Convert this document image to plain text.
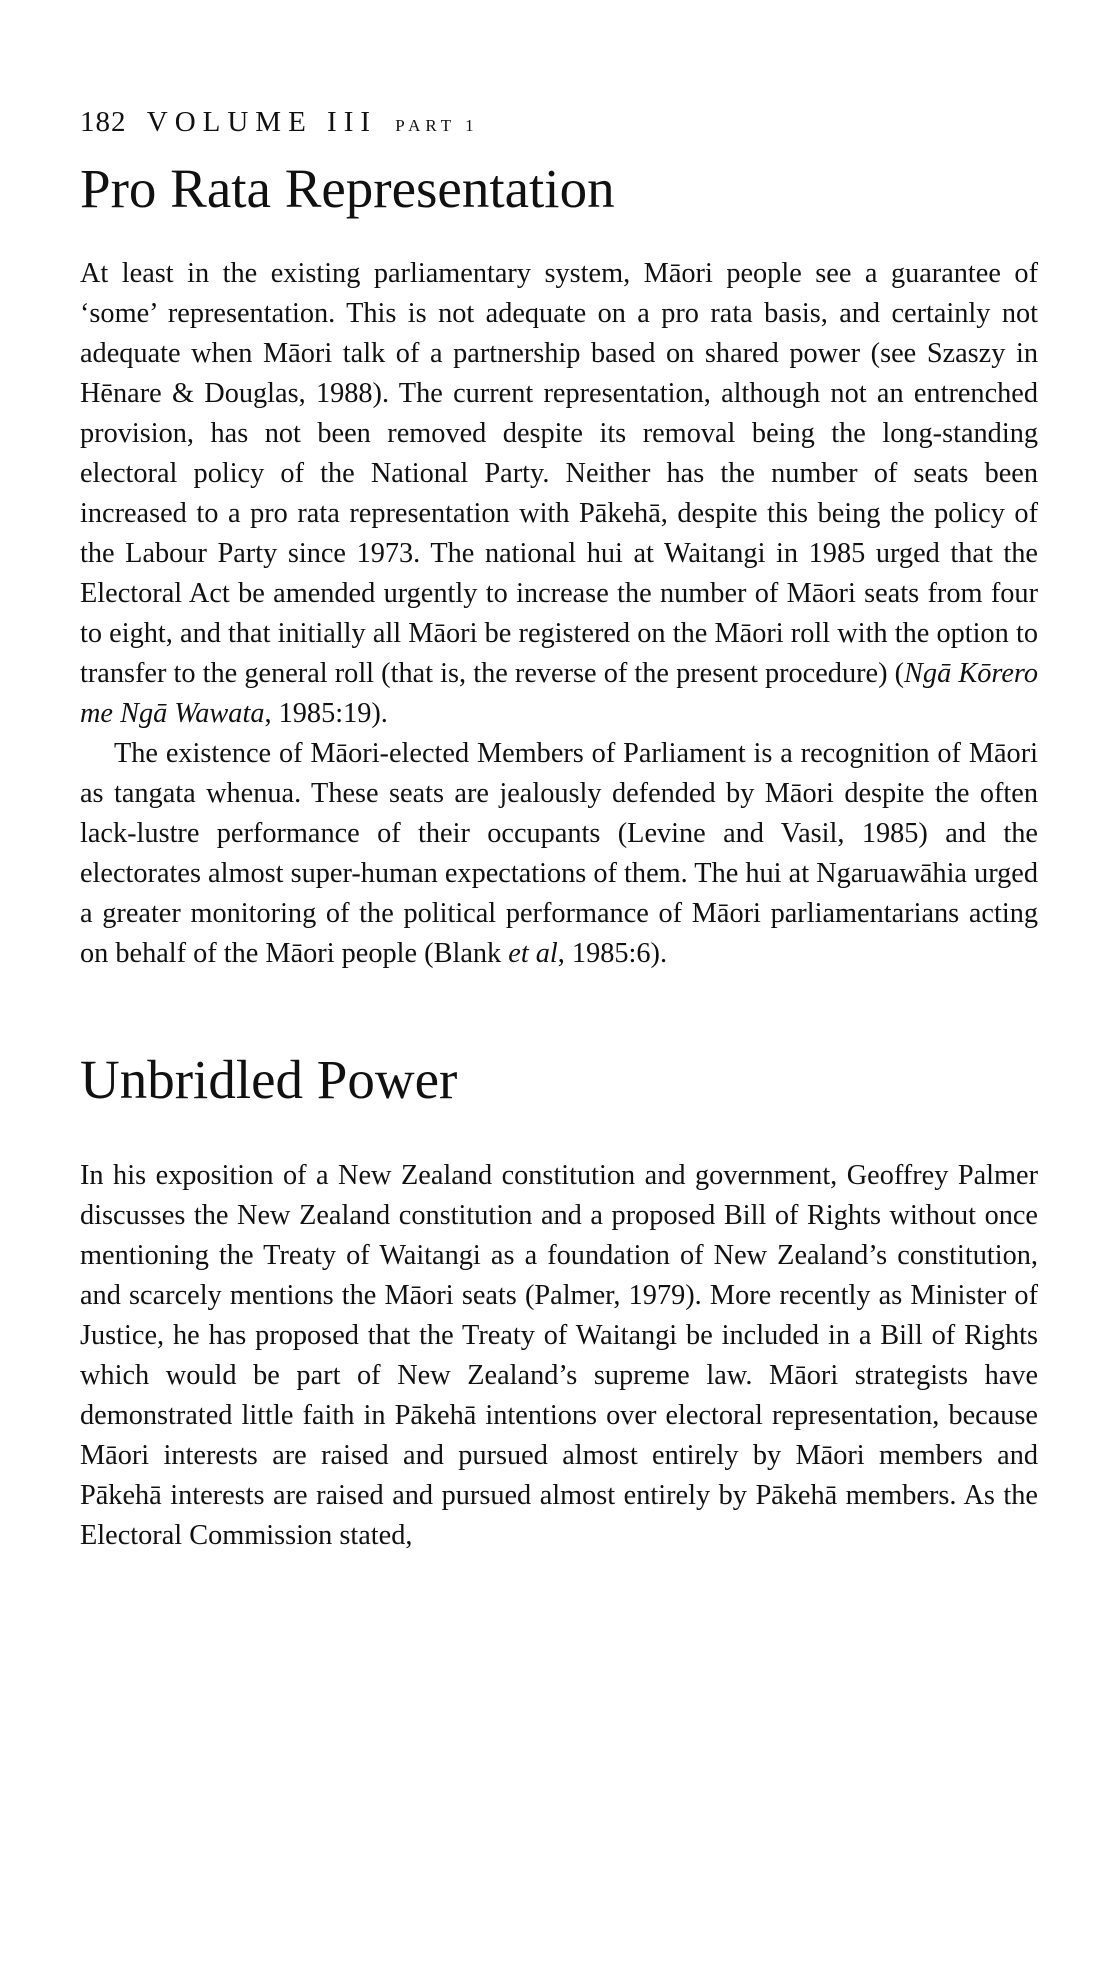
182 VOLUME III PART 1
Pro Rata Representation

At least in the existing parliamentary system, Māori people see a guarantee of ‘some’ representation. This is not adequate on a pro rata basis, and certainly not adequate when Māori talk of a partnership based on shared power (see Szaszy in Hēnare & Douglas, 1988). The current representation, although not an entrenched provision, has not been removed despite its removal being the long-standing electoral policy of the National Party. Neither has the number of seats been increased to a pro rata representation with Pākehā, despite this being the policy of the Labour Party since 1973. The national hui at Waitangi in 1985 urged that the Electoral Act be amended urgently to increase the number of Māori seats from four to eight, and that initially all Māori be registered on the Māori roll with the option to transfer to the general roll (that is, the reverse of the present procedure) (Ngā Kōrero me Ngā Wawata, 1985:19).

The existence of Māori-elected Members of Parliament is a recognition of Māori as tangata whenua. These seats are jealously defended by Māori despite the often lack-lustre performance of their occupants (Levine and Vasil, 1985) and the electorates almost super-human expectations of them. The hui at Ngaruawāhia urged a greater monitoring of the political performance of Māori parliamentarians acting on behalf of the Māori people (Blank et al, 1985:6).

Unbridled Power

In his exposition of a New Zealand constitution and government, Geoffrey Palmer discusses the New Zealand constitution and a proposed Bill of Rights without once mentioning the Treaty of Waitangi as a foundation of New Zealand’s constitution, and scarcely mentions the Māori seats (Palmer, 1979). More recently as Minister of Justice, he has proposed that the Treaty of Waitangi be included in a Bill of Rights which would be part of New Zealand’s supreme law. Māori strategists have demonstrated little faith in Pākehā intentions over electoral representation, because Māori interests are raised and pursued almost entirely by Māori members and Pākehā interests are raised and pursued almost entirely by Pākehā members. As the Electoral Commission stated,
